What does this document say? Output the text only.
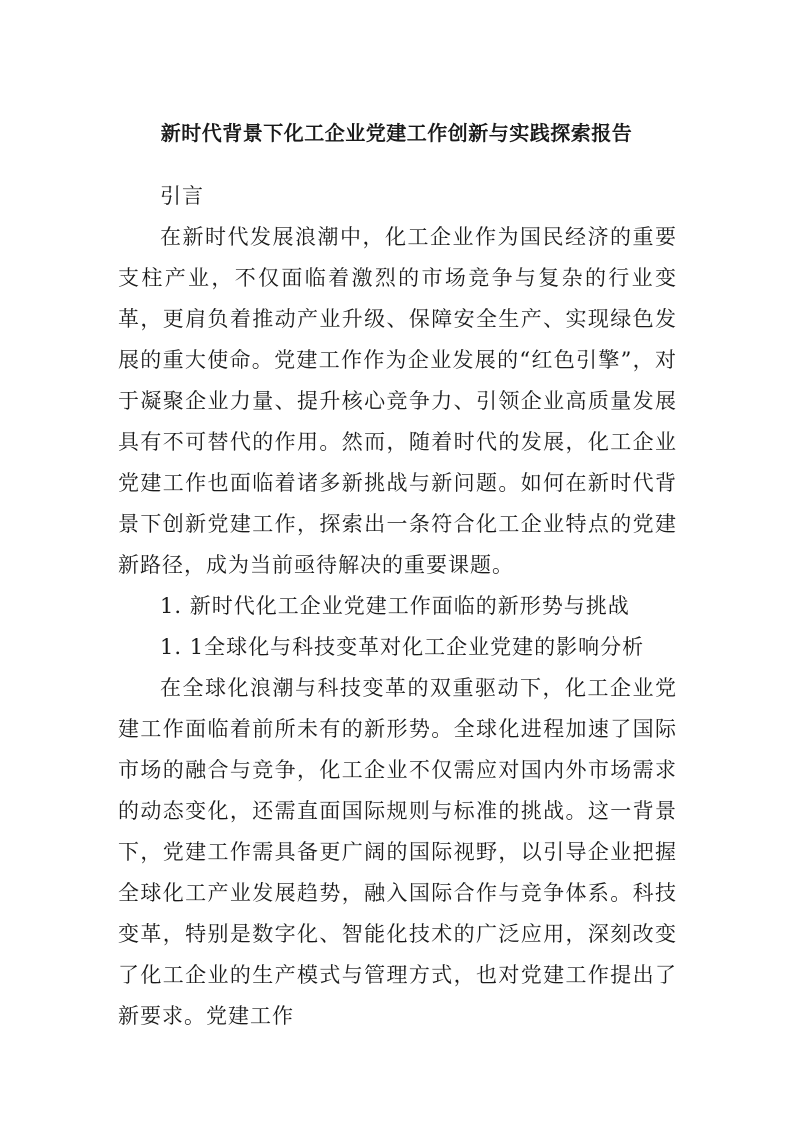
新时代背景下化工企业党建工作创新与实践探索报告

引言

在新时代发展浪潮中，化工企业作为国民经济的重要支柱产业，不仅面临着激烈的市场竞争与复杂的行业变革，更肩负着推动产业升级、保障安全生产、实现绿色发展的重大使命。党建工作作为企业发展的“红色引擎”，对于凝聚企业力量、提升核心竞争力、引领企业高质量发展具有不可替代的作用。然而，随着时代的发展，化工企业党建工作也面临着诸多新挑战与新问题。如何在新时代背景下创新党建工作，探索出一条符合化工企业特点的党建新路径，成为当前亟待解决的重要课题。

1. 新时代化工企业党建工作面临的新形势与挑战

1. 1全球化与科技变革对化工企业党建的影响分析

在全球化浪潮与科技变革的双重驱动下，化工企业党建工作面临着前所未有的新形势。全球化进程加速了国际市场的融合与竞争，化工企业不仅需应对国内外市场需求的动态变化，还需直面国际规则与标准的挑战。这一背景下，党建工作需具备更广阔的国际视野，以引导企业把握全球化工产业发展趋势，融入国际合作与竞争体系。科技变革，特别是数字化、智能化技术的广泛应用，深刻改变了化工企业的生产模式与管理方式，也对党建工作提出了新要求。党建工作
